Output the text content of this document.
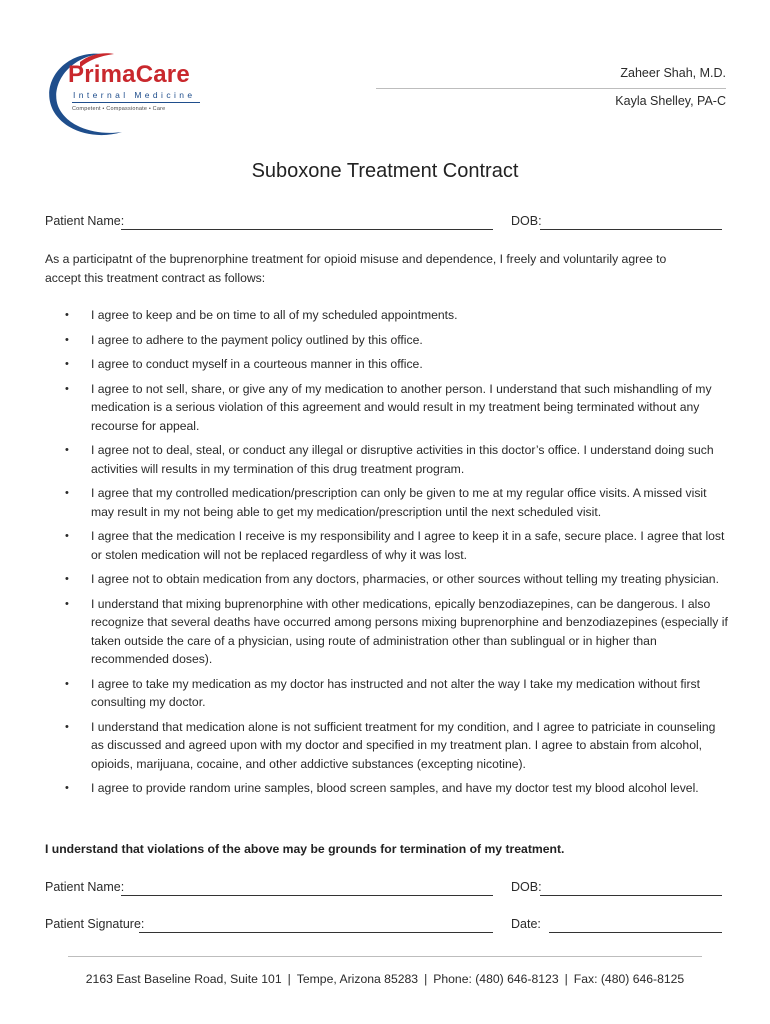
PrimaCare
Internal Medicine
Competent • Compassionate • Care
Zaheer Shah, M.D.
Kayla Shelley, PA-C
Suboxone Treatment Contract
Patient Name:	DOB:

As a participatnt of the buprenorphine treatment for opioid misuse and dependence, I freely and voluntarily agree to accept this treatment contract as follows:

• I agree to keep and be on time to all of my scheduled appointments.
• I agree to adhere to the payment policy outlined by this office.
• I agree to conduct myself in a courteous manner in this office.
• I agree to not sell, share, or give any of my medication to another person. I understand that such mishandling of my medication is a serious violation of this agreement and would result in my treatment being terminated without any recourse for appeal.
• I agree not to deal, steal, or conduct any illegal or disruptive activities in this doctor’s office. I understand doing such activities will results in my termination of this drug treatment program.
• I agree that my controlled medication/prescription can only be given to me at my regular office visits. A missed visit may result in my not being able to get my medication/prescription until the next scheduled visit.
• I agree that the medication I receive is my responsibility and I agree to keep it in a safe, secure place. I agree that lost or stolen medication will not be replaced regardless of why it was lost.
• I agree not to obtain medication from any doctors, pharmacies, or other sources without telling my treating physician.
• I understand that mixing buprenorphine with other medications, epically benzodiazepines, can be dangerous. I also recognize that several deaths have occurred among persons mixing buprenorphine and benzodiazepines (especially if taken outside the care of a physician, using route of administration other than sublingual or in higher than recommended doses).
• I agree to take my medication as my doctor has instructed and not alter the way I take my medication without first consulting my doctor.
• I understand that medication alone is not sufficient treatment for my condition, and I agree to patriciate in counseling as discussed and agreed upon with my doctor and specified in my treatment plan. I agree to abstain from alcohol, opioids, marijuana, cocaine, and other addictive substances (excepting nicotine).
• I agree to provide random urine samples, blood screen samples, and have my doctor test my blood alcohol level.
I understand that violations of the above may be grounds for termination of my treatment.
Patient Name:	DOB:
Patient Signature:	Date:
2163 East Baseline Road, Suite 101 | Tempe, Arizona 85283 | Phone: (480) 646-8123 | Fax: (480) 646-8125
